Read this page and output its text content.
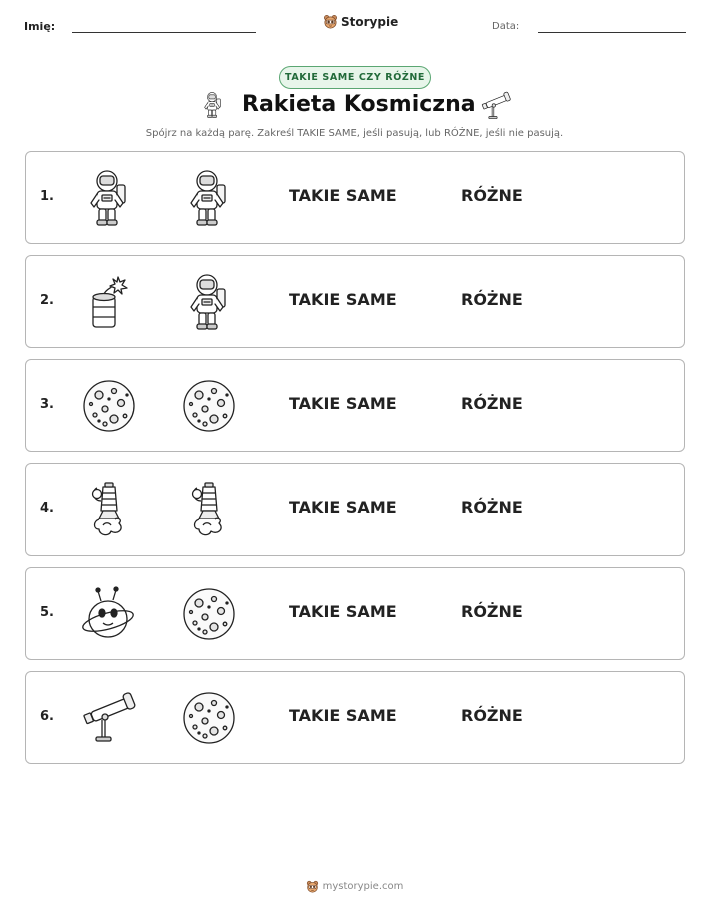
Imię:	Storypie	Data:
TAKIE SAME CZY RÓŻNE
Rakieta Kosmiczna
Spójrz na każdą parę. Zakreśl TAKIE SAME, jeśli pasują, lub RÓŻNE, jeśli nie pasują.
1.	TAKIE SAME	RÓŻNE
2.	TAKIE SAME	RÓŻNE
3.	TAKIE SAME	RÓŻNE
4.	TAKIE SAME	RÓŻNE
5.	TAKIE SAME	RÓŻNE
6.	TAKIE SAME	RÓŻNE
mystorypie.com
